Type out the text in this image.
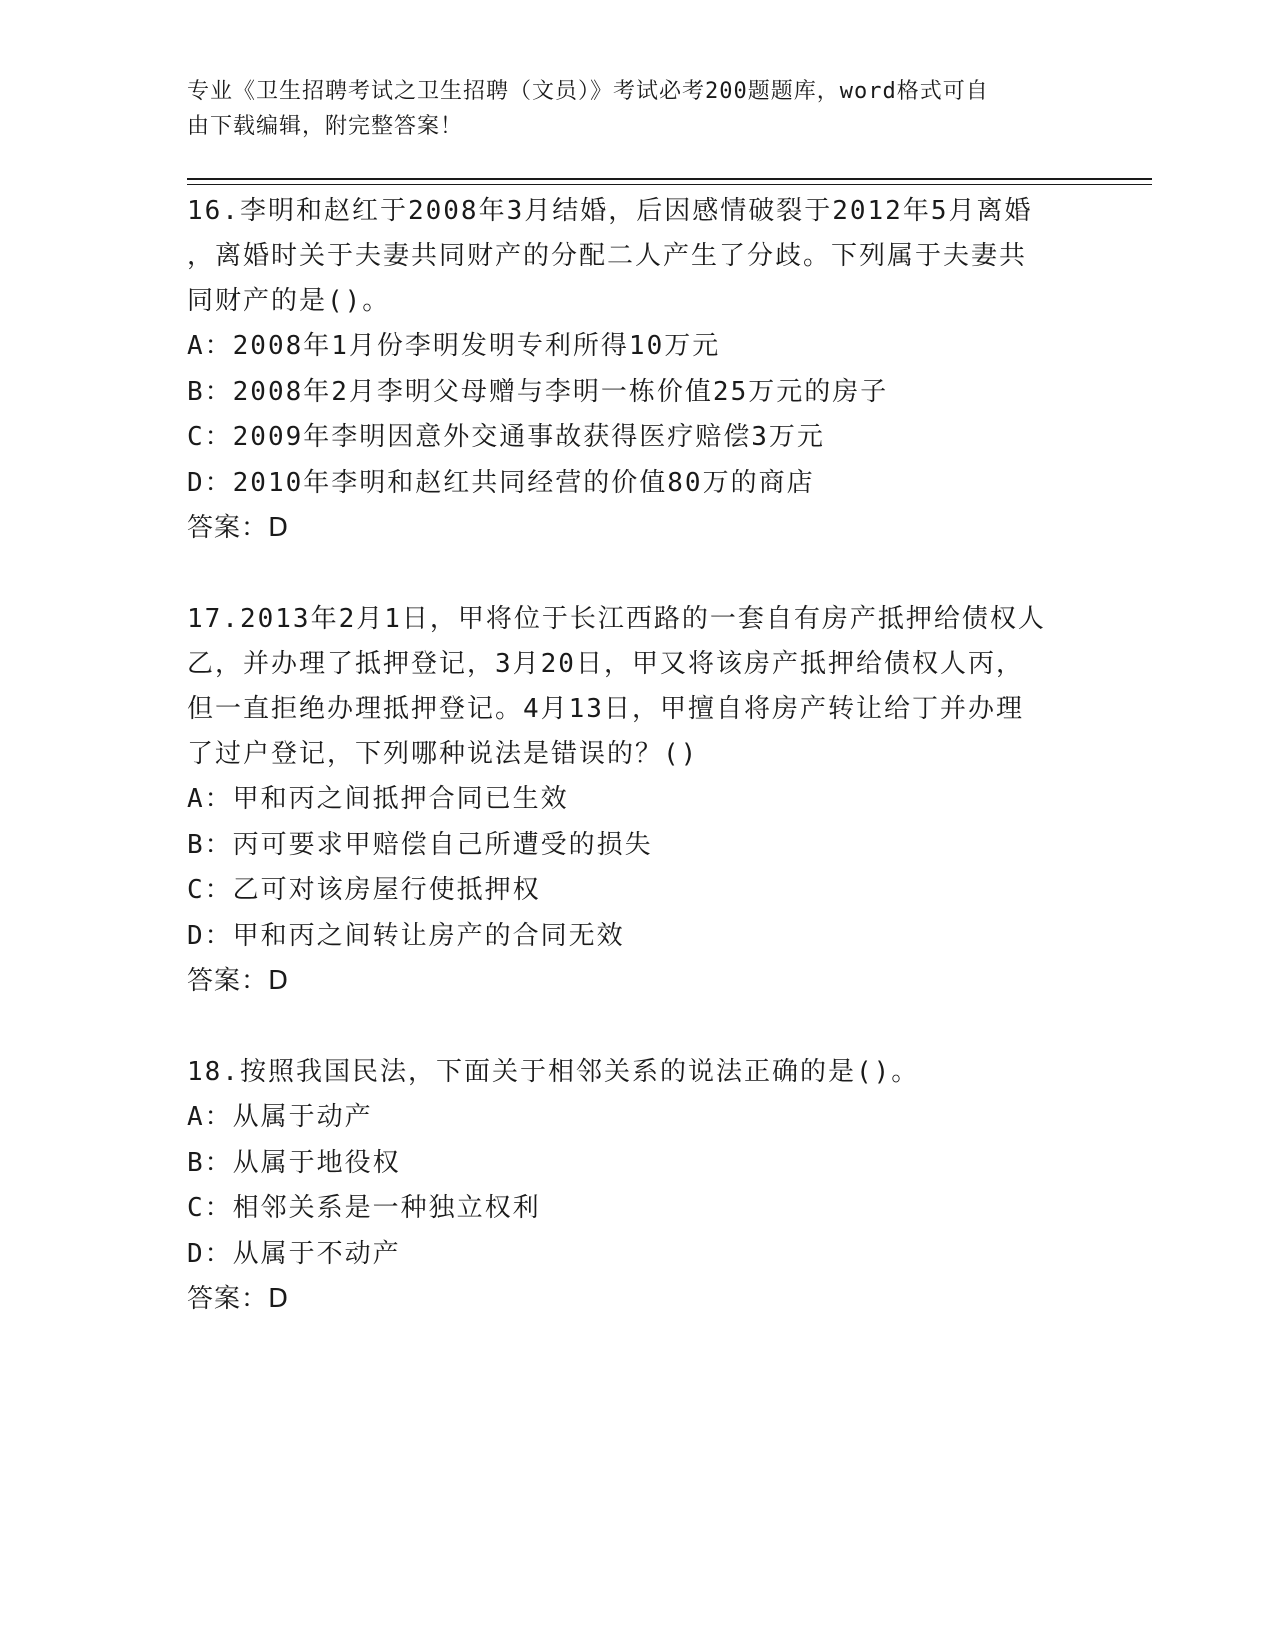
专业《卫生招聘考试之卫生招聘（文员）》考试必考200题题库，word格式可自
由下载编辑，附完整答案！
16.李明和赵红于2008年3月结婚，后因感情破裂于2012年5月离婚
，离婚时关于夫妻共同财产的分配二人产生了分歧。下列属于夫妻共
同财产的是()。
A：2008年1月份李明发明专利所得10万元
B：2008年2月李明父母赠与李明一栋价值25万元的房子
C：2009年李明因意外交通事故获得医疗赔偿3万元
D：2010年李明和赵红共同经营的价值80万的商店
答案：D
17.2013年2月1日，甲将位于长江西路的一套自有房产抵押给债权人
乙，并办理了抵押登记，3月20日，甲又将该房产抵押给债权人丙，
但一直拒绝办理抵押登记。4月13日，甲擅自将房产转让给丁并办理
了过户登记，下列哪种说法是错误的？()
A：甲和丙之间抵押合同已生效
B：丙可要求甲赔偿自己所遭受的损失
C：乙可对该房屋行使抵押权
D：甲和丙之间转让房产的合同无效
答案：D
18.按照我国民法，下面关于相邻关系的说法正确的是()。
A：从属于动产
B：从属于地役权
C：相邻关系是一种独立权利
D：从属于不动产
答案：D
